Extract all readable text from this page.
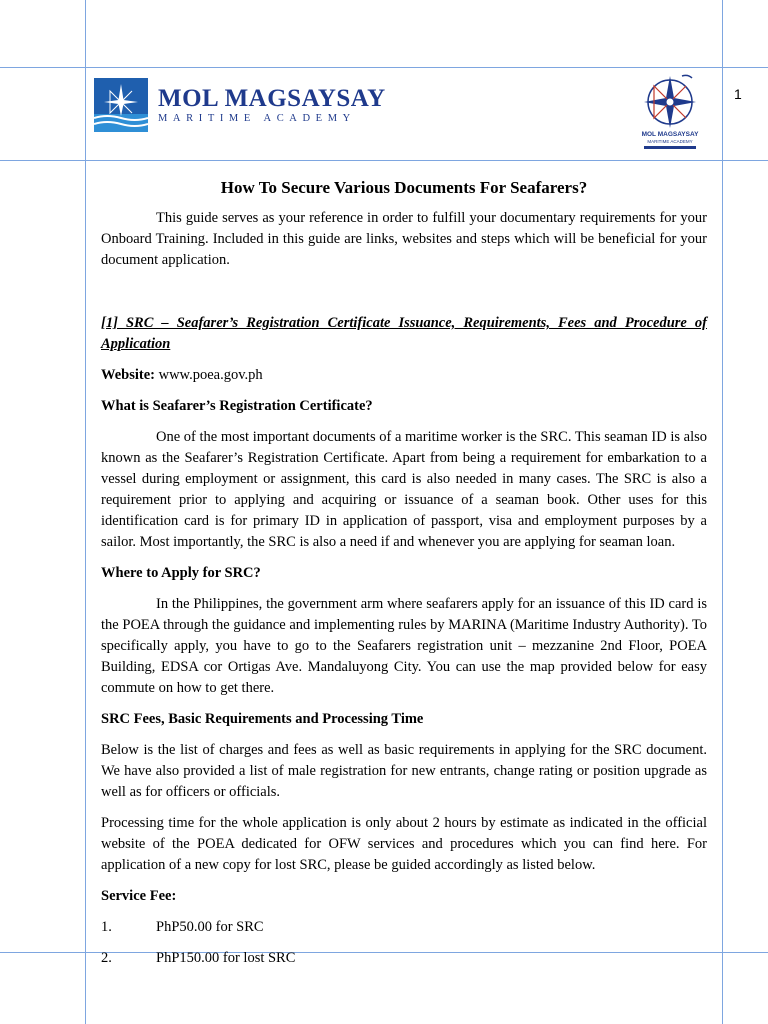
1
MOL MAGSAYSAY
MARITIME ACADEMY
MOL MAGSAYSAY
MARITIME ACADEMY
How To Secure Various Documents For Seafarers?

This guide serves as your reference in order to fulfill your documentary requirements for your Onboard Training. Included in this guide are links, websites and steps which will be beneficial for your document application.

[1] SRC – Seafarer’s Registration Certificate Issuance, Requirements, Fees and Procedure of Application

Website: www.poea.gov.ph

What is Seafarer’s Registration Certificate?

One of the most important documents of a maritime worker is the SRC. This seaman ID is also known as the Seafarer’s Registration Certificate. Apart from being a requirement for embarkation to a vessel during employment or assignment, this card is also needed in many cases. The SRC is also a requirement prior to applying and acquiring or issuance of a seaman book. Other uses for this identification card is for primary ID in application of passport, visa and employment purposes by a sailor. Most importantly, the SRC is also a need if and whenever you are applying for seaman loan.

Where to Apply for SRC?

In the Philippines, the government arm where seafarers apply for an issuance of this ID card is the POEA through the guidance and implementing rules by MARINA (Maritime Industry Authority). To specifically apply, you have to go to the Seafarers registration unit – mezzanine 2nd Floor, POEA Building, EDSA cor Ortigas Ave. Mandaluyong City. You can use the map provided below for easy commute on how to get there.

SRC Fees, Basic Requirements and Processing Time

Below is the list of charges and fees as well as basic requirements in applying for the SRC document. We have also provided a list of male registration for new entrants, change rating or position upgrade as well as for officers or officials.

Processing time for the whole application is only about 2 hours by estimate as indicated in the official website of the POEA dedicated for OFW services and procedures which you can find here. For application of a new copy for lost SRC, please be guided accordingly as listed below.

Service Fee:

1.	PhP50.00 for SRC
2.	PhP150.00 for lost SRC
